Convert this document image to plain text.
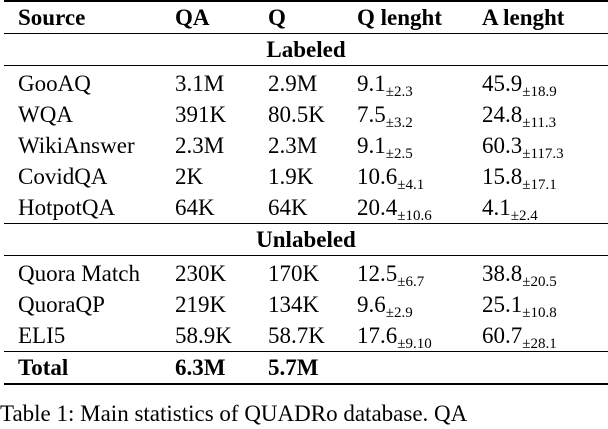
Source	QA	Q	Q lenght	A lenght
Labeled				
GooAQ	3.1M	2.9M	$9.1_{\pm 2.3}$	$45.9_{\pm 18.9}$
WQA	391K	80.5K	$7.5_{\pm 3.2}$	$24.8_{\pm 11.3}$
WikiAnswer	2.3M	2.3M	$9.1_{\pm 2.5}$	$60.3_{\pm 117.3}$
CovidQA	2K	1.9K	$10.6_{\pm 4.1}$	$15.8_{\pm 17.1}$
HotpotQA	64K	64K	$20.4_{\pm 10.6}$	$4.1_{\pm 2.4}$
Unlabeled				
Quora Match	230K	170K	$12.5_{\pm 6.7}$	$38.8_{\pm 20.5}$
QuoraQP	219K	134K	$9.6_{\pm 2.9}$	$25.1_{\pm 10.8}$
ELI5	58.9K	58.7K	$17.6_{\pm 9.10}$	$60.7_{\pm 28.1}$
Total	6.3M	5.7M		
Table 1: Main statistics of QUADRo database. QA
